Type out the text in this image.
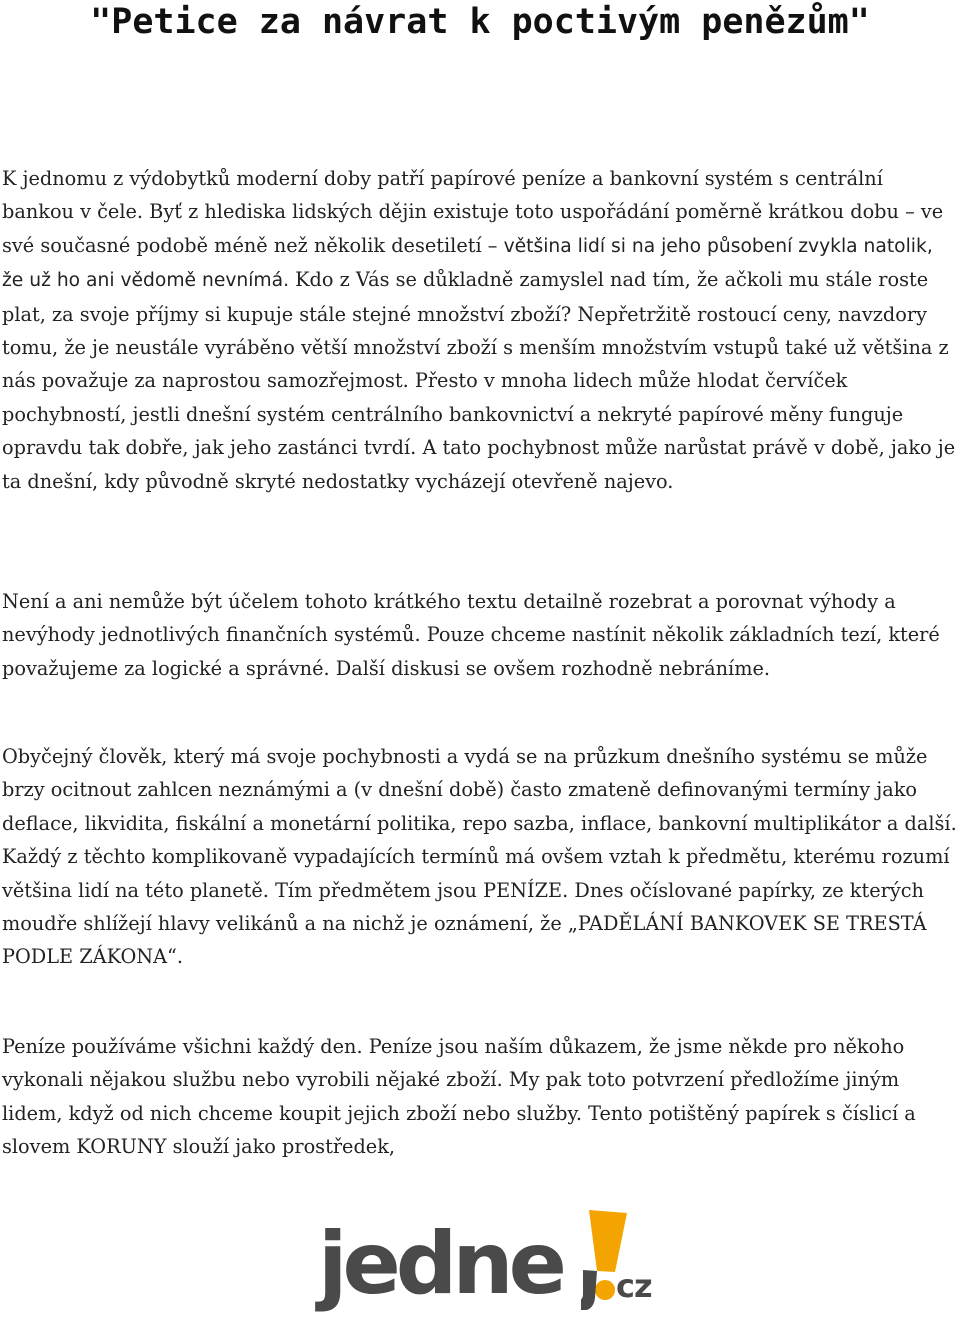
"Petice za návrat k poctivým penězům"

K jednomu z výdobytků moderní doby patří papírové peníze a bankovní systém s centrální bankou v čele. Byť z hlediska lidských dějin existuje toto uspořádání poměrně krátkou dobu – ve své současné podobě méně než několik desetiletí – většina lidí si na jeho působení zvykla natolik, že už ho ani vědomě nevnímá. Kdo z Vás se důkladně zamyslel nad tím, že ačkoli mu stále roste plat, za svoje příjmy si kupuje stále stejné množství zboží? Nepřetržitě rostoucí ceny, navzdory tomu, že je neustále vyráběno větší množství zboží s menším množstvím vstupů také už většina z nás považuje za naprostou samozřejmost. Přesto v mnoha lidech může hlodat červíček pochybností, jestli dnešní systém centrálního bankovnictví a nekryté papírové měny funguje opravdu tak dobře, jak jeho zastánci tvrdí. A tato pochybnost může narůstat právě v době, jako je ta dnešní, kdy původně skryté nedostatky vycházejí otevřeně najevo.

Není a ani nemůže být účelem tohoto krátkého textu detailně rozebrat a porovnat výhody a nevýhody jednotlivých finančních systémů. Pouze chceme nastínit několik základních tezí, které považujeme za logické a správné. Další diskusi se ovšem rozhodně nebráníme.

Obyčejný člověk, který má svoje pochybnosti a vydá se na průzkum dnešního systému se může brzy ocitnout zahlcen neznámými a (v dnešní době) často zmateně definovanými termíny jako deflace, likvidita, fiskální a monetární politika, repo sazba, inflace, bankovní multiplikátor a další. Každý z těchto komplikovaně vypadajících termínů má ovšem vztah k předmětu, kterému rozumí většina lidí na této planetě. Tím předmětem jsou PENÍZE. Dnes očíslované papírky, ze kterých moudře shlížejí hlavy velikánů a na nichž je oznámení, že „PADĚLÁNÍ BANKOVEK SE TRESTÁ PODLE ZÁKONA“.

Peníze používáme všichni každý den. Peníze jsou naším důkazem, že jsme někde pro někoho vykonali nějakou službu nebo vyrobili nějaké zboží. My pak toto potvrzení předložíme jiným lidem, když od nich chceme koupit jejich zboží nebo služby. Tento potištěný papírek s číslicí a slovem KORUNY slouží jako prostředek,

jedne cz
